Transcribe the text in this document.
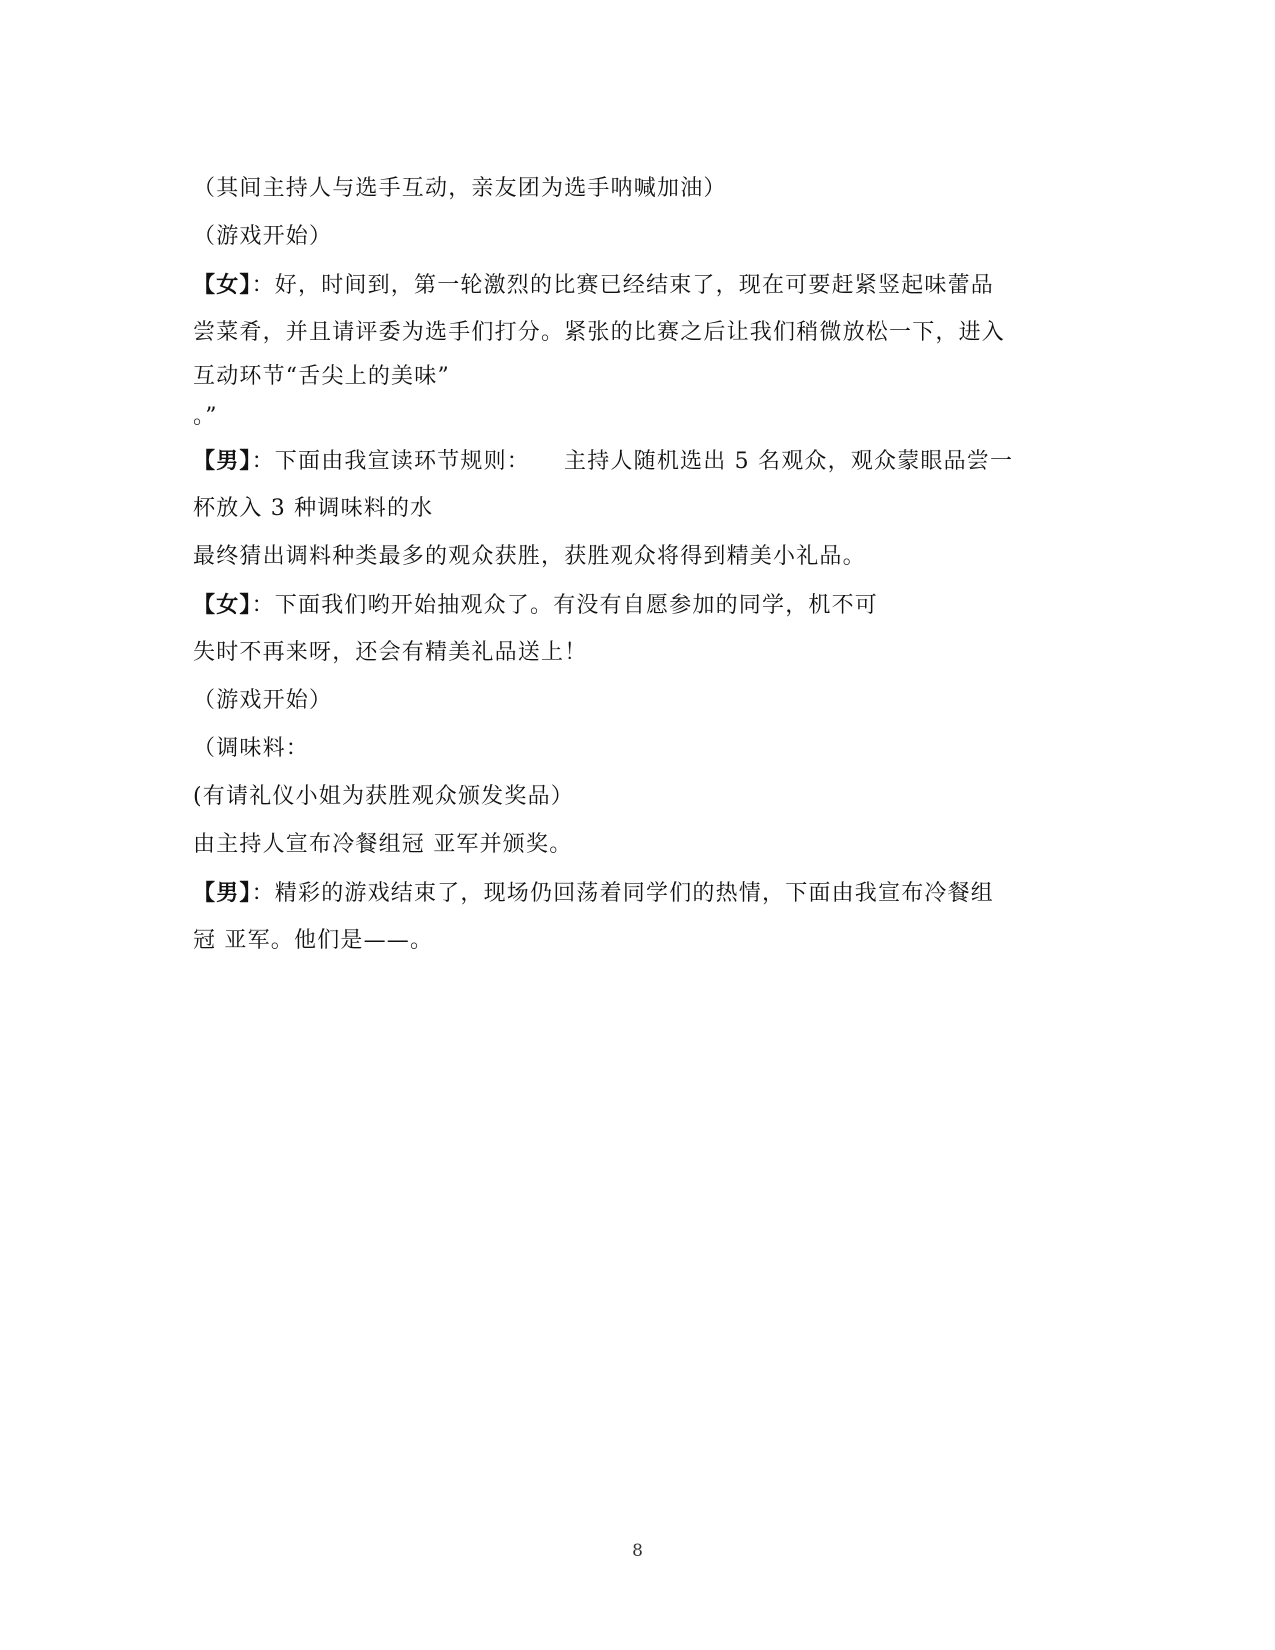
（其间主持人与选手互动，亲友团为选手呐喊加油）
（游戏开始）
【女】：好，时间到，第一轮激烈的比赛已经结束了，现在可要赶紧竖起味蕾品
尝菜肴，并且请评委为选手们打分。紧张的比赛之后让我们稍微放松一下，进入
互动环节“舌尖上的美味”
。”
【男】：下面由我宣读环节规则： 主持人随机选出 5 名观众，观众蒙眼品尝一
杯放入 3 种调味料的水
最终猜出调料种类最多的观众获胜，获胜观众将得到精美小礼品。
【女】：下面我们哟开始抽观众了。有没有自愿参加的同学，机不可
失时不再来呀，还会有精美礼品送上！
（游戏开始）
（调味料：
(有请礼仪小姐为获胜观众颁发奖品）
由主持人宣布冷餐组冠 亚军并颁奖。
【男】：精彩的游戏结束了，现场仍回荡着同学们的热情，下面由我宣布冷餐组
冠 亚军。他们是——。
8
